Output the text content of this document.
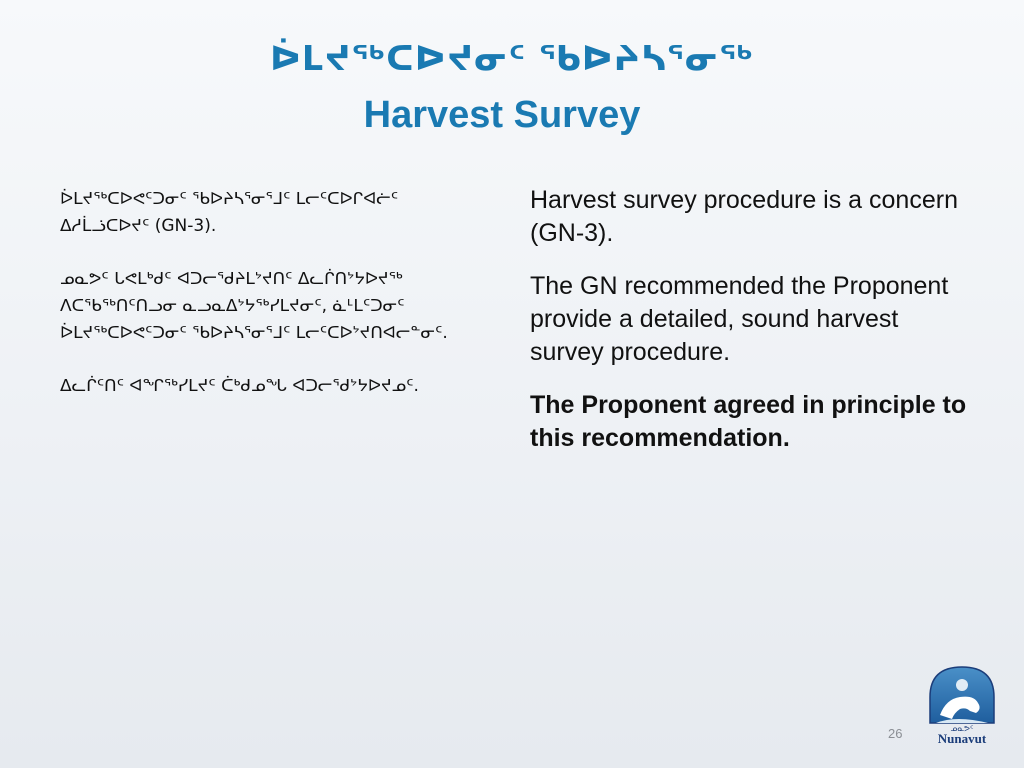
ᐆᒪᔪᖅᑕᐅᔪᓂᑦ ᖃᐅᔨᓴᕐᓂᖅ
Harvest Survey

ᐆᒪᔪᖅᑕᐅᕙᑦᑐᓂᑦ ᖃᐅᔨᓴᕐᓂᕐᒧᑦ ᒪᓕᑦᑕᐅᒋᐊᓖᑦ ᐃᓱᒫᓘᑕᐅᔪᑦ (GN-3).

ᓄᓇᕗᑦ ᒐᕙᒪᒃᑯᑦ ᐊᑐᓕᖁᔨᒪᔾᔪᑎᑦ ᐃᓚᒌᑎᔾᔭᐅᔪᖅ ᐱᑕᖃᖅᑎᑦᑎᓗᓂ ᓇᓗᓇᐃᔾᔭᖅᓯᒪᔪᓂᑦ, ᓈᒻᒪᑦᑐᓂᑦ ᐆᒪᔪᖅᑕᐅᕙᑦᑐᓂᑦ ᖃᐅᔨᓴᕐᓂᕐᒧᑦ ᒪᓕᑦᑕᐅᔾᔪᑎᐊᓕᓐᓂᑦ.

ᐃᓚᒌᑦᑎᑦ ᐊᖏᖅᓯᒪᔪᑦ ᑖᒃᑯᓄᖓ ᐊᑐᓕᖁᔾᔭᐅᔪᓄᑦ.

Harvest survey procedure is a concern (GN-3).

The GN recommended the Proponent provide a detailed, sound harvest survey procedure.

The Proponent agreed in principle to this recommendation.

ᓄᓇᕗᑦ
Nunavut
26
